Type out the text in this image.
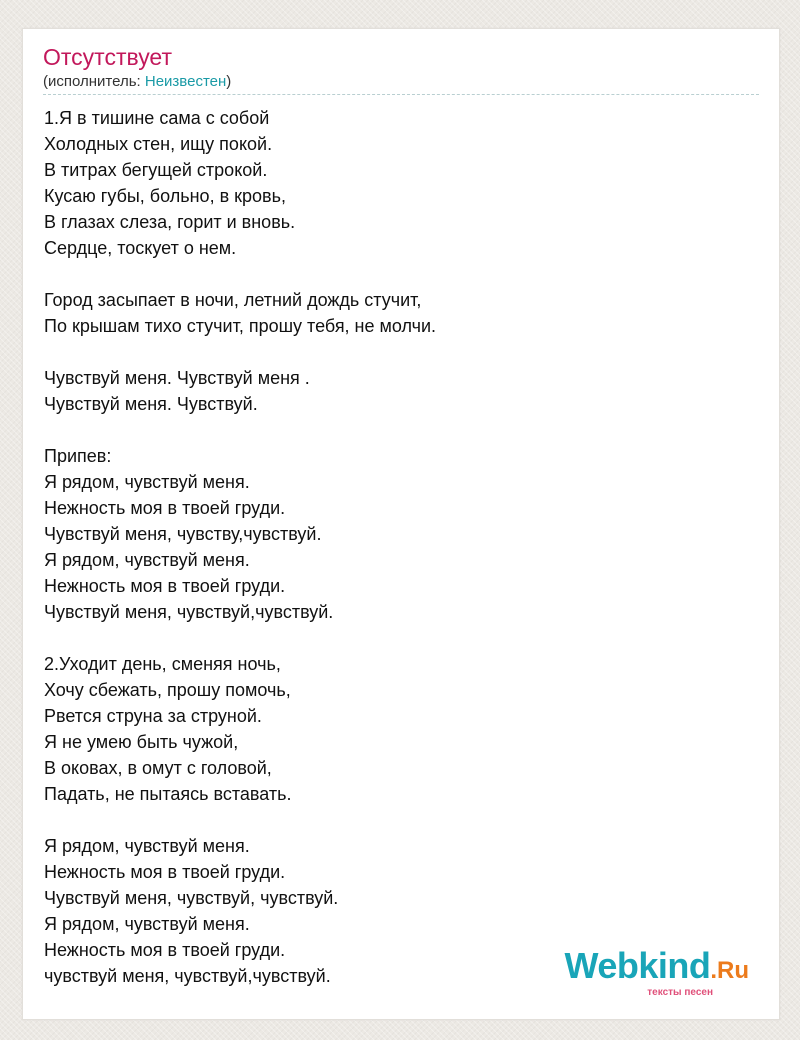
Отсутствует
(исполнитель: Неизвестен)
1.Я в тишине сама с собой
Холодных стен, ищу покой.
В титрах бегущей строкой.
Кусаю губы, больно, в кровь,
В глазах слеза, горит и вновь.
Сердце, тоскует о нем.

Город засыпает в ночи, летний дождь стучит,
По крышам тихо стучит, прошу тебя, не молчи.

Чувствуй меня. Чувствуй меня .
Чувствуй меня. Чувствуй.

Припев:
Я рядом, чувствуй меня.
Нежность моя в твоей груди.
Чувствуй меня, чувству,чувствуй.
Я рядом, чувствуй меня.
Нежность моя в твоей груди.
Чувствуй меня, чувствуй,чувствуй.

2.Уходит день, сменяя ночь,
Хочу сбежать, прошу помочь,
Рвется струна за струной.
Я не умею быть чужой,
В оковах, в омут с головой,
Падать, не пытаясь вставать.

Я рядом, чувствуй меня.
Нежность моя в твоей груди.
Чувствуй меня, чувствуй, чувствуй.
Я рядом, чувствуй меня.
Нежность моя в твоей груди.
чувствуй меня, чувствуй,чувствуй.	Webkind.Ru
тексты песен
